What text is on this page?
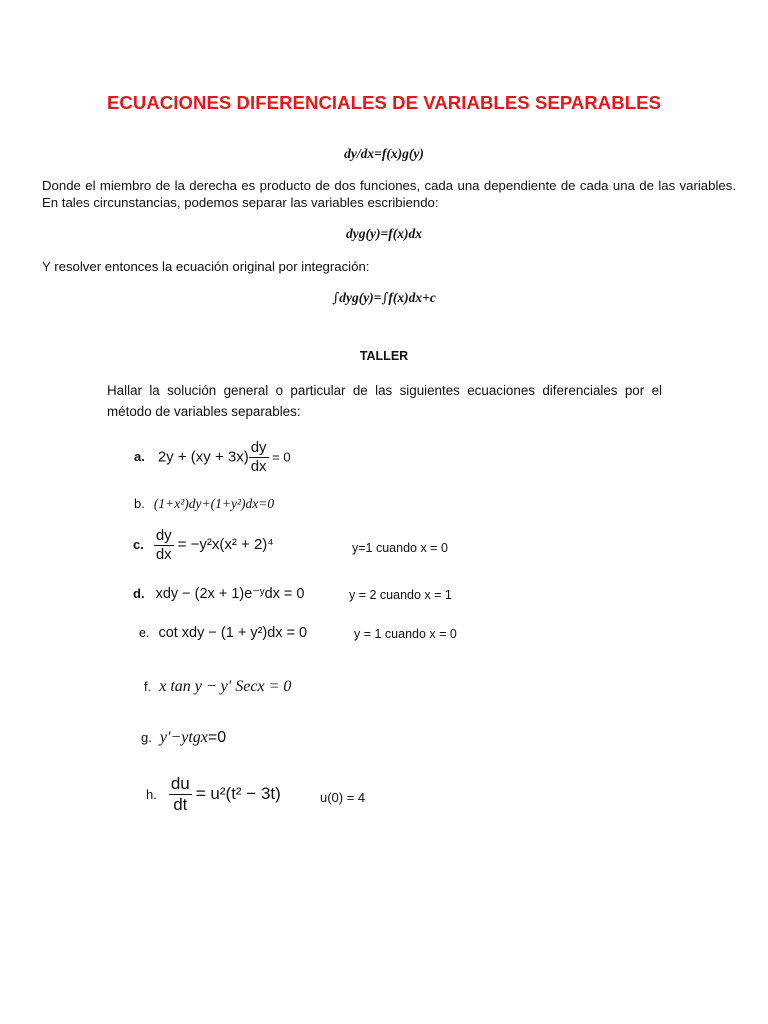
ECUACIONES DIFERENCIALES DE VARIABLES SEPARABLES
dy/dx=f(x)g(y)
Donde el miembro de la derecha es producto de dos funciones, cada una dependiente de cada una de las variables. En tales circunstancias, podemos separar las variables escribiendo:
dyg(y)=f(x)dx
Y resolver entonces la ecuación original por integración:
∫dyg(y)=∫f(x)dx+c
TALLER
Hallar la solución general o particular de las siguientes ecuaciones diferenciales por el método de variables separables:
a. $2y + (xy + 3x) \frac{dy}{dx} = 0$
b. (1+x²)dy+(1+y²)dx=0
c. $\frac{dy}{dx} = -y^2x(x^2 + 2)^4$	y=1 cuando x = 0
d. xdy − (2x + 1)e⁻ʸdx = 0	y = 2 cuando x = 1
e. cot xdy − (1 + y²)dx = 0	y = 1 cuando x = 0
f. x tan y − y′ Secx = 0
g. y′−ytgx=0
h. $\frac{du}{dt} = u^2(t^2 - 3t)$	u(0) = 4
